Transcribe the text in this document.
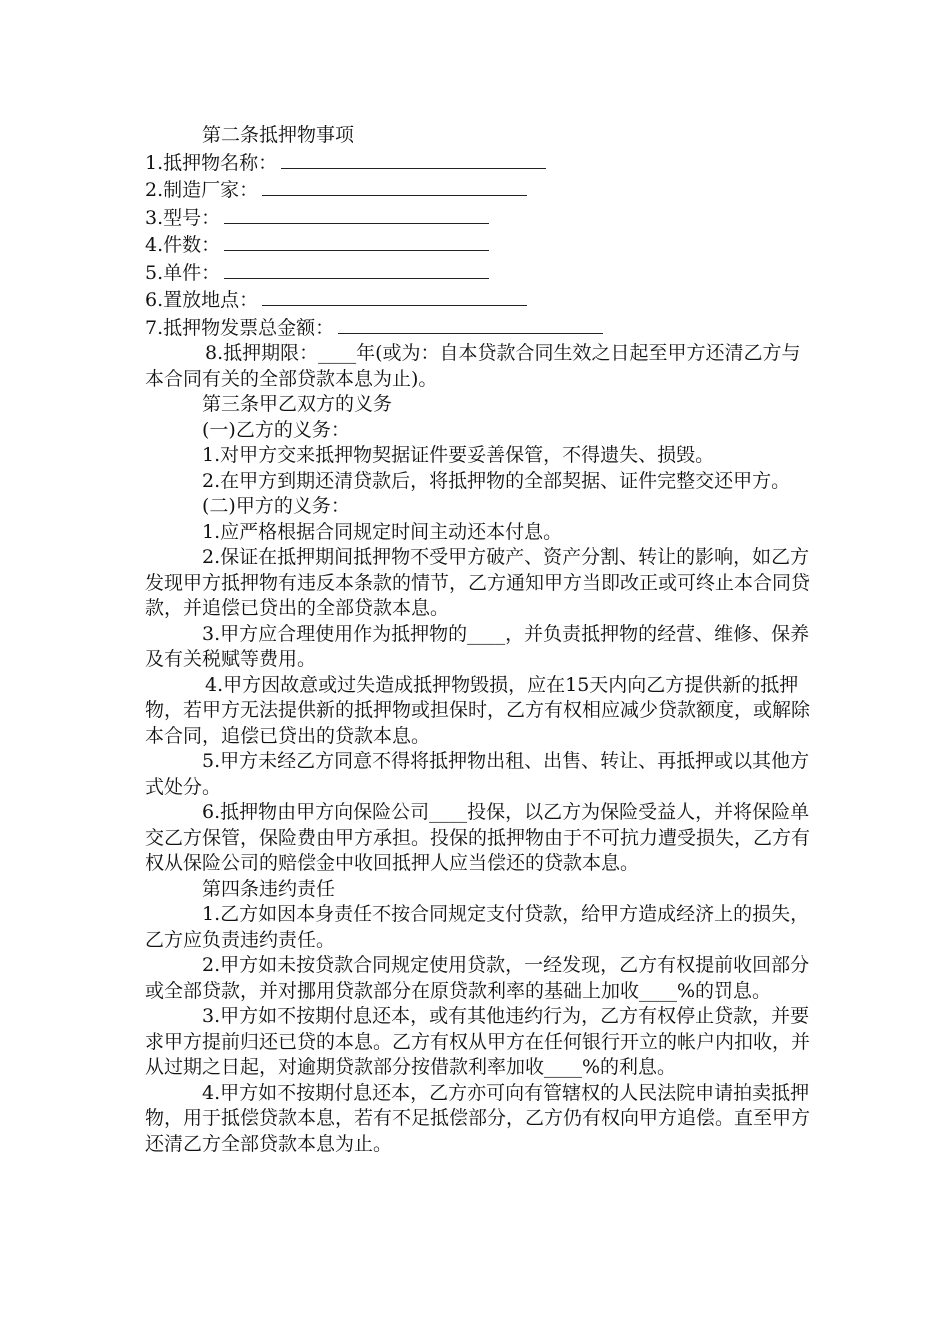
第二条抵押物事项

1.抵押物名称：

2.制造厂家：

3.型号：

4.件数：

5.单件：

6.置放地点：

7.抵押物发票总金额：

8.抵押期限：____年(或为：自本贷款合同生效之日起至甲方还清乙方与本合同有关的全部贷款本息为止)。

第三条甲乙双方的义务

(一)乙方的义务：

1.对甲方交来抵押物契据证件要妥善保管，不得遗失、损毁。

2.在甲方到期还清贷款后，将抵押物的全部契据、证件完整交还甲方。

(二)甲方的义务：

1.应严格根据合同规定时间主动还本付息。

2.保证在抵押期间抵押物不受甲方破产、资产分割、转让的影响，如乙方发现甲方抵押物有违反本条款的情节，乙方通知甲方当即改正或可终止本合同贷款，并追偿已贷出的全部贷款本息。

3.甲方应合理使用作为抵押物的____，并负责抵押物的经营、维修、保养及有关税赋等费用。

4.甲方因故意或过失造成抵押物毁损，应在15天内向乙方提供新的抵押物，若甲方无法提供新的抵押物或担保时，乙方有权相应减少贷款额度，或解除本合同，追偿已贷出的贷款本息。

5.甲方未经乙方同意不得将抵押物出租、出售、转让、再抵押或以其他方式处分。

6.抵押物由甲方向保险公司____投保，以乙方为保险受益人，并将保险单交乙方保管，保险费由甲方承担。投保的抵押物由于不可抗力遭受损失，乙方有权从保险公司的赔偿金中收回抵押人应当偿还的贷款本息。

第四条违约责任

1.乙方如因本身责任不按合同规定支付贷款，给甲方造成经济上的损失，乙方应负责违约责任。

2.甲方如未按贷款合同规定使用贷款，一经发现，乙方有权提前收回部分或全部贷款，并对挪用贷款部分在原贷款利率的基础上加收____%的罚息。

3.甲方如不按期付息还本，或有其他违约行为，乙方有权停止贷款，并要求甲方提前归还已贷的本息。乙方有权从甲方在任何银行开立的帐户内扣收，并从过期之日起，对逾期贷款部分按借款利率加收____%的利息。

4.甲方如不按期付息还本，乙方亦可向有管辖权的人民法院申请拍卖抵押物，用于抵偿贷款本息，若有不足抵偿部分，乙方仍有权向甲方追偿。直至甲方还清乙方全部贷款本息为止。
